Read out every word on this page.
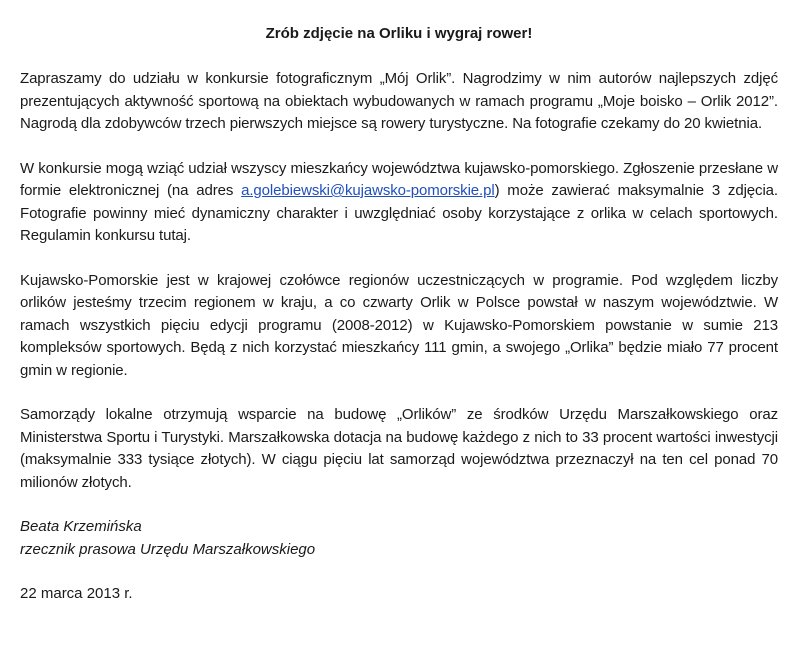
Zrób zdjęcie na Orliku i wygraj rower!

Zapraszamy do udziału w konkursie fotograficznym „Mój Orlik”. Nagrodzimy w nim autorów najlepszych zdjęć prezentujących aktywność sportową na obiektach wybudowanych w ramach programu „Moje boisko – Orlik 2012”. Nagrodą dla zdobywców trzech pierwszych miejsce są rowery turystyczne. Na fotografie czekamy do 20 kwietnia.

W konkursie mogą wziąć udział wszyscy mieszkańcy województwa kujawsko-pomorskiego. Zgłoszenie przesłane w formie elektronicznej (na adres a.golebiewski@kujawsko-pomorskie.pl) może zawierać maksymalnie 3 zdjęcia. Fotografie powinny mieć dynamiczny charakter i uwzględniać osoby korzystające z orlika w celach sportowych. Regulamin konkursu tutaj.

Kujawsko-Pomorskie jest w krajowej czołówce regionów uczestniczących w programie. Pod względem liczby orlików jesteśmy trzecim regionem w kraju, a co czwarty Orlik w Polsce powstał w naszym województwie. W ramach wszystkich pięciu edycji programu (2008-2012) w Kujawsko-Pomorskiem powstanie w sumie 213 kompleksów sportowych. Będą z nich korzystać mieszkańcy 111 gmin, a swojego „Orlika” będzie miało 77 procent gmin w regionie.

Samorządy lokalne otrzymują wsparcie na budowę „Orlików” ze środków Urzędu Marszałkowskiego oraz Ministerstwa Sportu i Turystyki. Marszałkowska dotacja na budowę każdego z nich to 33 procent wartości inwestycji (maksymalnie 333 tysiące złotych). W ciągu pięciu lat samorząd województwa przeznaczył na ten cel ponad 70 milionów złotych.

Beata Krzemińska
rzecznik prasowa Urzędu Marszałkowskiego

22 marca 2013 r.
